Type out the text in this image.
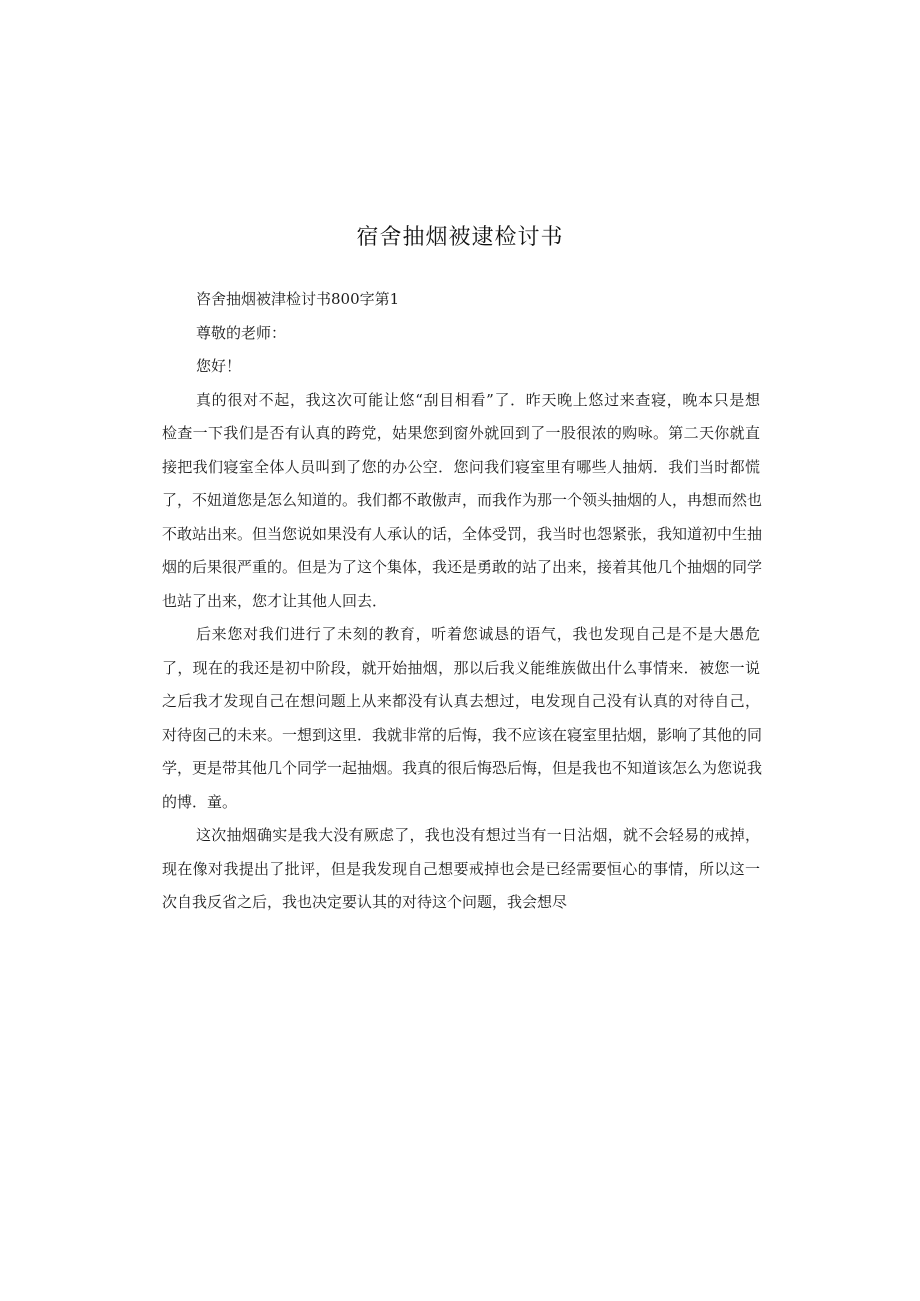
宿舍抽烟被逮检讨书
咨舍抽烟被津检讨书800字第1
尊敬的老师：
您好！
真的很对不起，我这次可能让悠“刮目相看”了．昨天晚上悠过来查寝，晚本只是想
检查一下我们是否有认真的跨党，姑果您到窗外就回到了一股很浓的购咏。第二天你就直
接把我们寝室全体人员叫到了您的办公空．您问我们寝室里有哪些人抽炳．我们当时都慌
了，不妞道您是怎么知道的。我们都不敢傲声，而我作为那一个领头抽烟的人，冉想而然也
不敢站出来。但当您说如果没有人承认的话，全体受罚，我当时也怨紧张，我知道初中生抽
烟的后果很严重的。但是为了这个集体，我还是勇敢的站了出来，接着其他几个抽烟的同学
也站了出来，您才让其他人回去．
后来您对我们进行了未刻的教育，听着您诚恳的语气，我也发现自己是不是大愚危
了，现在的我还是初中阶段，就开始抽烟，那以后我义能维族做出什么事情来．被您一说
之后我才发现自己在想问题上从来都没有认真去想过，电发现自己没有认真的对待自己，
对待囱己的未来。一想到这里．我就非常的后悔，我不应该在寝室里拈烟，影响了其他的同
学，更是带其他几个同学一起抽烟。我真的很后悔恐后悔，但是我也不知道该怎么为您说我
的博．童。
这次抽烟确实是我大没有厥虑了，我也没有想过当有一日沾烟，就不会轻易的戒掉，
现在像对我提出了批评，但是我发现自己想要戒掉也会是已经需要恒心的事情，所以这一
次自我反省之后，我也决定要认其的对待这个问题，我会想尽
